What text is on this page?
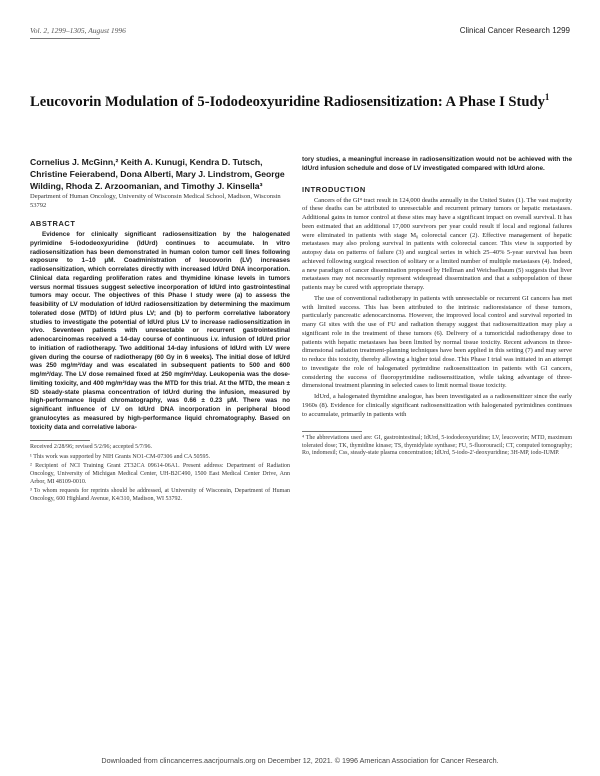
Vol. 2, 1299–1305, August 1996	Clinical Cancer Research 1299
Leucovorin Modulation of 5-Iododeoxyuridine Radiosensitization: A Phase I Study$^1$

Cornelius J. McGinn,² Keith A. Kunugi, Kendra D. Tutsch, Christine Feierabend, Dona Alberti, Mary J. Lindstrom, George Wilding, Rhoda Z. Arzoomanian, and Timothy J. Kinsella³

Department of Human Oncology, University of Wisconsin Medical School, Madison, Wisconsin 53792

ABSTRACT

Evidence for clinically significant radiosensitization by the halogenated pyrimidine 5-iododeoxyuridine (IdUrd) continues to accumulate. In vitro radiosensitization has been demonstrated in human colon tumor cell lines following exposure to 1–10 μM. Coadministration of leucovorin (LV) increases radiosensitization, which correlates directly with increased IdUrd DNA incorporation. Clinical data regarding proliferation rates and thymidine kinase levels in tumors versus normal tissues suggest selective incorporation of IdUrd into gastrointestinal tumors may occur. The objectives of this Phase I study were (a) to assess the feasibility of LV modulation of IdUrd radiosensitization by determining the maximum tolerated dose (MTD) of IdUrd plus LV; and (b) to perform correlative laboratory studies to investigate the potential of IdUrd plus LV to increase radiosensitization in vivo. Seventeen patients with unresectable or recurrent gastrointestinal adenocarcinomas received a 14-day course of continuous i.v. infusion of IdUrd prior to initiation of radiotherapy. Two additional 14-day infusions of IdUrd with LV were given during the course of radiotherapy (60 Gy in 6 weeks). The initial dose of IdUrd was 250 mg/m²/day and was escalated in subsequent patients to 500 and 600 mg/m²/day. The LV dose remained fixed at 250 mg/m²/day. Leukopenia was the dose-limiting toxicity, and 400 mg/m²/day was the MTD for this trial. At the MTD, the mean ± SD steady-state plasma concentration of IdUrd during the infusion, measured by high-performance liquid chromatography, was 0.66 ± 0.23 μM. There was no significant influence of LV on IdUrd DNA incorporation in peripheral blood granulocytes as measured by high-performance liquid chromatography. Based on toxicity data and correlative labora-

Received 2/28/96; revised 5/2/96; accepted 5/7/96.

¹ This work was supported by NIH Grants NO1-CM-07306 and CA 50595.

² Recipient of NCI Training Grant 2T32CA 09614-06A1. Present address: Department of Radiation Oncology, University of Michigan Medical Center, UH-B2C490, 1500 East Medical Center Drive, Ann Arbor, MI 48109-0010.

³ To whom requests for reprints should be addressed, at University of Wisconsin, Department of Human Oncology, 600 Highland Avenue, K4/310, Madison, WI 53792.

tory studies, a meaningful increase in radiosensitization would not be achieved with the IdUrd infusion schedule and dose of LV investigated compared with IdUrd alone.

INTRODUCTION

Cancers of the GI⁴ tract result in 124,000 deaths annually in the United States (1). The vast majority of these deaths can be attributed to unresectable and recurrent primary tumors or hepatic metastases. Additional gains in tumor control at these sites may have a significant impact on overall survival. It has been estimated that an additional 17,000 survivors per year could result if local and regional failures were eliminated in patients with stage M₀ colorectal cancer (2). Effective management of hepatic metastases may also prolong survival in patients with colorectal cancer. This view is supported by autopsy data on patterns of failure (3) and surgical series in which 25–40% 5-year survival has been achieved following surgical resection of solitary or a limited number of multiple metastases (4). Indeed, a new paradigm of cancer dissemination proposed by Hellman and Weichselbaum (5) suggests that liver metastases may not necessarily represent widespread dissemination and that a subpopulation of these patients may be cured with appropriate therapy.

The use of conventional radiotherapy in patients with unresectable or recurrent GI cancers has met with limited success. This has been attributed to the intrinsic radioresistance of these tumors, particularly pancreatic adenocarcinoma. However, the improved local control and survival reported in many GI sites with the use of FU and radiation therapy suggest that radiosensitization may play a significant role in the treatment of these tumors (6). Delivery of a tumoricidal radiotherapy dose to patients with hepatic metastases has been limited by normal tissue toxicity. Recent advances in three-dimensional radiation treatment-planning techniques have been applied in this setting (7) and may serve to reduce this toxicity, thereby allowing a higher total dose. This Phase I trial was initiated in an attempt to investigate the role of halogenated pyrimidine radiosensitization in patients with GI cancers, considering the success of fluoropyrimidine radiosensitization, while taking advantage of three-dimensional treatment planning in selected cases to limit normal tissue toxicity.

IdUrd, a halogenated thymidine analogue, has been investigated as a radiosensitizer since the early 1960s (8). Evidence for clinically significant radiosensitization with halogenated pyrimidines continues to accumulate, primarily in patients with

⁴ The abbreviations used are: GI, gastrointestinal; IdUrd, 5-iododeoxyuridine; LV, leucovorin; MTD, maximum tolerated dose; TK, thymidine kinase; TS, thymidylate synthase; FU, 5-fluorouracil; CT, computed tomography; Ro, indomesil; Css, steady-state plasma concentration; IdUrd, 5-iodo-2'-deoxyuridine; 3H-MP, iodo-IUMP.

Downloaded from clincancerres.aacrjournals.org on December 12, 2021. © 1996 American Association for Cancer Research.
